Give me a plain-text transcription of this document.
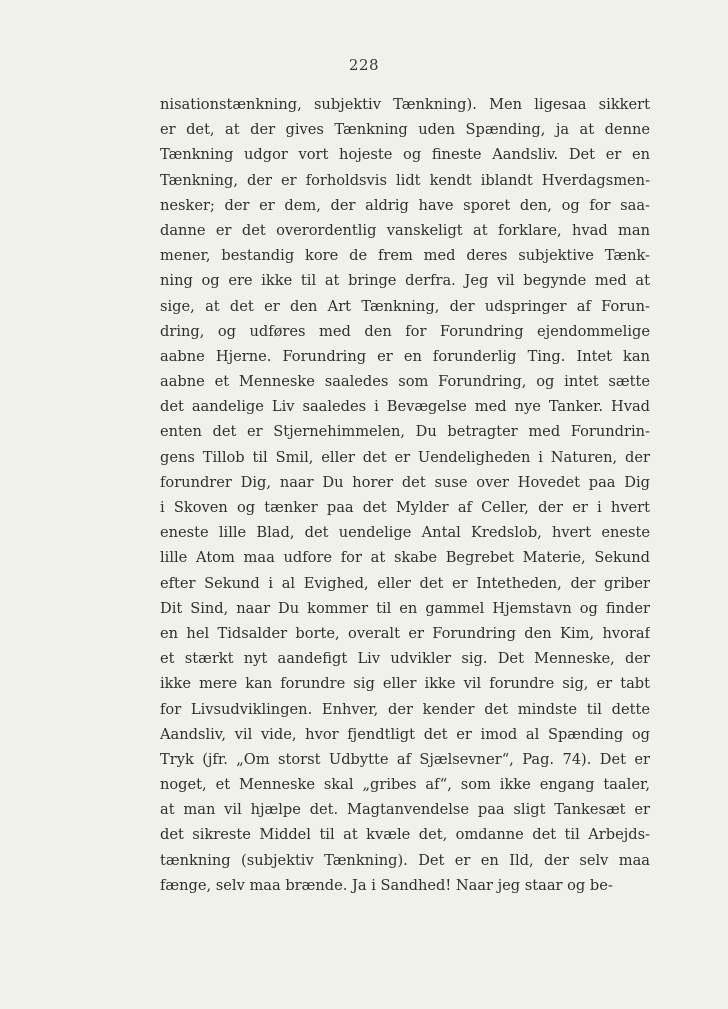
228
nisationstænkning, subjektiv Tænkning). Men ligesaa sikkert
er det, at der gives Tænkning uden Spænding, ja at denne
Tænkning udgor vort hojeste og fineste Aandsliv. Det er en
Tænkning, der er forholdsvis lidt kendt iblandt Hverdagsmen-
nesker; der er dem, der aldrig have sporet den, og for saa-
danne er det overordentlig vanskeligt at forklare, hvad man
mener, bestandig kore de frem med deres subjektive Tænk-
ning og ere ikke til at bringe derfra. Jeg vil begynde med at
sige, at det er den Art Tænkning, der udspringer af Forun-
dring, og udføres med den for Forundring ejendommelige
aabne Hjerne. Forundring er en forunderlig Ting. Intet kan
aabne et Menneske saaledes som Forundring, og intet sætte
det aandelige Liv saaledes i Bevægelse med nye Tanker. Hvad
enten det er Stjernehimmelen, Du betragter med Forundrin-
gens Tillob til Smil, eller det er Uendeligheden i Naturen, der
forundrer Dig, naar Du horer det suse over Hovedet paa Dig
i Skoven og tænker paa det Mylder af Celler, der er i hvert
eneste lille Blad, det uendelige Antal Kredslob, hvert eneste
lille Atom maa udfore for at skabe Begrebet Materie, Sekund
efter Sekund i al Evighed, eller det er Intetheden, der griber
Dit Sind, naar Du kommer til en gammel Hjemstavn og finder
en hel Tidsalder borte, overalt er Forundring den Kim, hvoraf
et stærkt nyt aandefigt Liv udvikler sig. Det Menneske, der
ikke mere kan forundre sig eller ikke vil forundre sig, er tabt
for Livsudviklingen. Enhver, der kender det mindste til dette
Aandsliv, vil vide, hvor fjendtligt det er imod al Spænding og
Tryk (jfr. „Om storst Udbytte af Sjælsevner“, Pag. 74). Det er
noget, et Menneske skal „gribes af“, som ikke engang taaler,
at man vil hjælpe det. Magtanvendelse paa sligt Tankesæt er
det sikreste Middel til at kvæle det, omdanne det til Arbejds-
tænkning (subjektiv Tænkning). Det er en Ild, der selv maa
fænge, selv maa brænde. Ja i Sandhed! Naar jeg staar og be-
